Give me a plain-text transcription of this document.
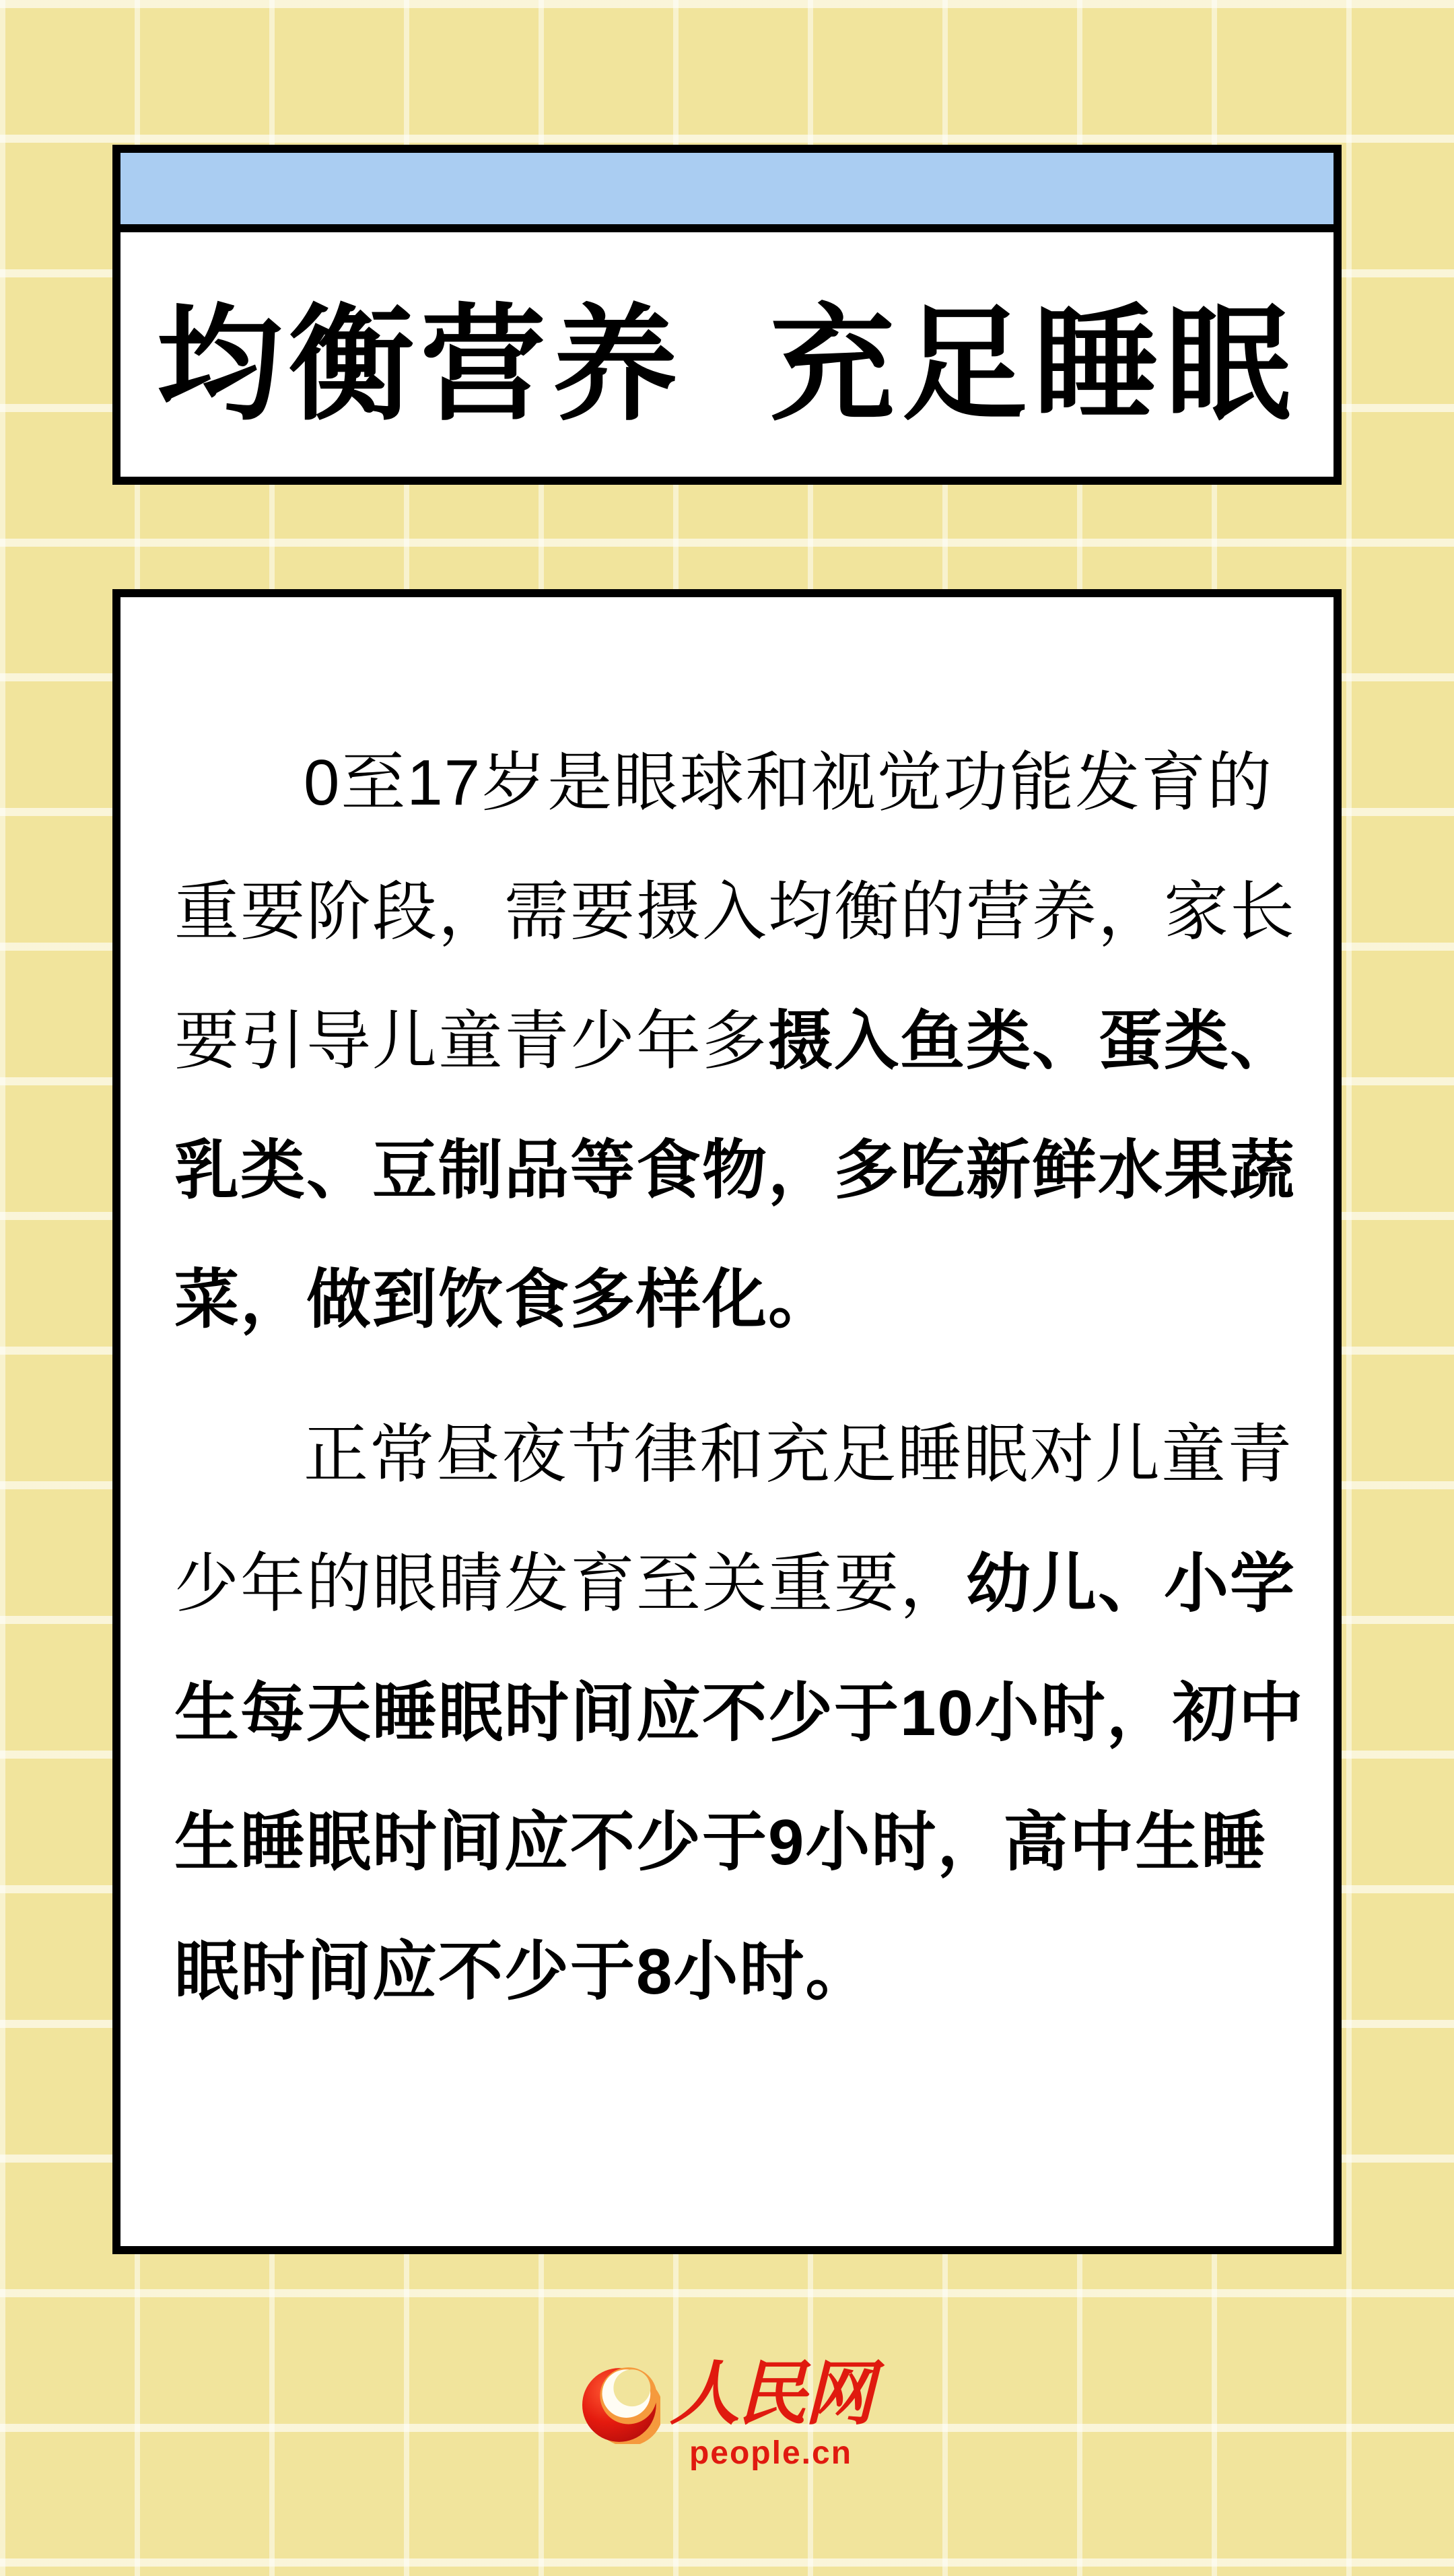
均衡营养 充足睡眠
0至17岁是眼球和视觉功能发育的
重要阶段，需要摄入均衡的营养，家长
要引导儿童青少年多摄入鱼类、蛋类、
乳类、豆制品等食物，多吃新鲜水果蔬
菜，做到饮食多样化。
正常昼夜节律和充足睡眠对儿童青
少年的眼睛发育至关重要，幼儿、小学
生每天睡眠时间应不少于10小时，初中
生睡眠时间应不少于9小时，高中生睡
眠时间应不少于8小时。
人民网
people.cn
